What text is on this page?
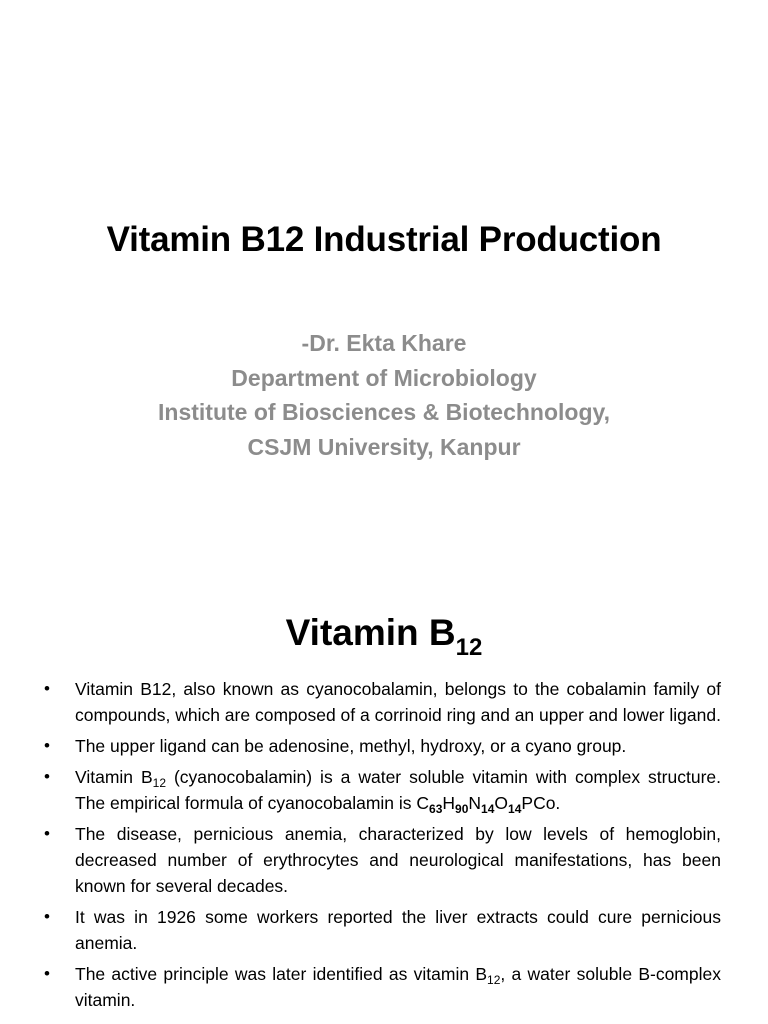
Vitamin B12 Industrial Production
-Dr. Ekta Khare
Department of Microbiology
Institute of Biosciences & Biotechnology,
CSJM University, Kanpur
Vitamin $B_{12}$
• Vitamin B12, also known as cyanocobalamin, belongs to the cobalamin family of compounds, which are composed of a corrinoid ring and an upper and lower ligand.
• The upper ligand can be adenosine, methyl, hydroxy, or a cyano group.
• Vitamin $B_{12}$ (cyanocobalamin) is a water soluble vitamin with complex structure. The empirical formula of cyanocobalamin is $C_{63}H_{90}N_{14}O_{14}PCo$.
• The disease, pernicious anemia, characterized by low levels of hemoglobin, decreased number of erythrocytes and neurological manifestations, has been known for several decades.
• It was in 1926 some workers reported the liver extracts could cure pernicious anemia.
• The active principle was later identified as vitamin $B_{12}$, a water soluble B-complex vitamin.
